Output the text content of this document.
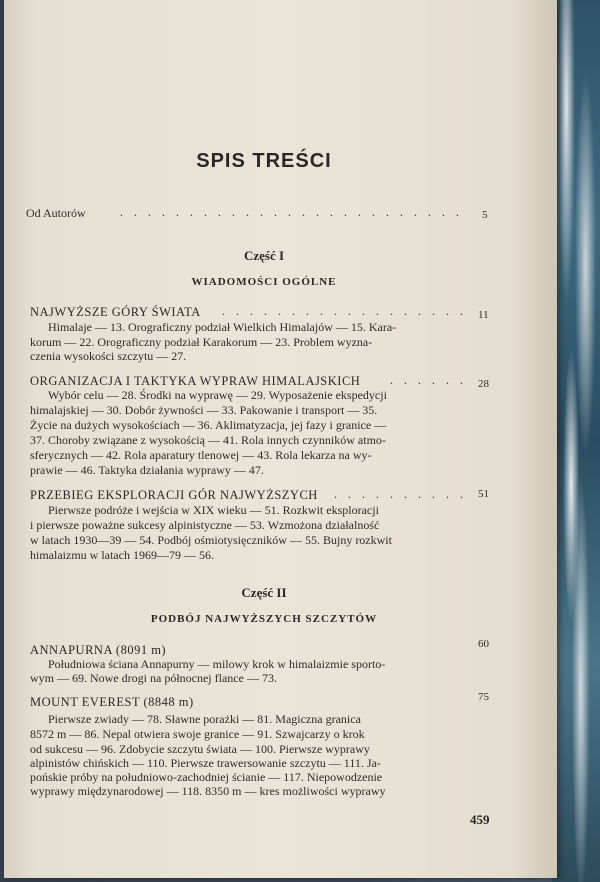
SPIS TREŚCI
Od Autorów	. . . . . . . . . . . . . . . . . . . . . . . . . 5
Część I
WIADOMOŚCI OGÓLNE
NAJWYŻSZE GÓRY ŚWIATA . . . . . . . . . . . . . . . . . . 11
Himalaje — 13. Orograficzny podział Wielkich Himalajów — 15. Kara-
korum — 22. Orograficzny podział Karakorum — 23. Problem wyzna-
czenia wysokości szczytu — 27.
ORGANIZACJA I TAKTYKA WYPRAW HIMALAJSKICH . . . . . . 28
Wybór celu — 28. Środki na wyprawę — 29. Wyposażenie ekspedycji
himalajskiej — 30. Dobór żywności — 33. Pakowanie i transport — 35.
Życie na dużych wysokościach — 36. Aklimatyzacja, jej fazy i granice —
37. Choroby związane z wysokością — 41. Rola innych czynników atmo-
sferycznych — 42. Rola aparatury tlenowej — 43. Rola lekarza na wy-
prawie — 46. Taktyka działania wyprawy — 47.
PRZEBIEG EKSPLORACJI GÓR NAJWYŻSZYCH . . . . . . . . . . 51
Pierwsze podróże i wejścia w XIX wieku — 51. Rozkwit eksploracji
i pierwsze poważne sukcesy alpinistyczne — 53. Wzmożona działalność
w latach 1930—39 — 54. Podbój ośmiotysięczników — 55. Bujny rozkwit
himalaizmu w latach 1969—79 — 56.
Część II
PODBÓJ NAJWYŻSZYCH SZCZYTÓW
ANNAPURNA (8091 m)	60
Południowa ściana Annapurny — milowy krok w himalaizmie sporto-
wym — 69. Nowe drogi na północnej flance — 73.
MOUNT EVEREST (8848 m)	75
Pierwsze zwiady — 78. Sławne porażki — 81. Magiczna granica
8572 m — 86. Nepal otwiera swoje granice — 91. Szwajcarzy o krok
od sukcesu — 96. Zdobycie szczytu świata — 100. Pierwsze wyprawy
alpinistów chińskich — 110. Pierwsze trawersowanie szczytu — 111. Ja-
pońskie próby na południowo-zachodniej ścianie — 117. Niepowodzenie
wyprawy międzynarodowej — 118. 8350 m — kres możliwości wyprawy
459
